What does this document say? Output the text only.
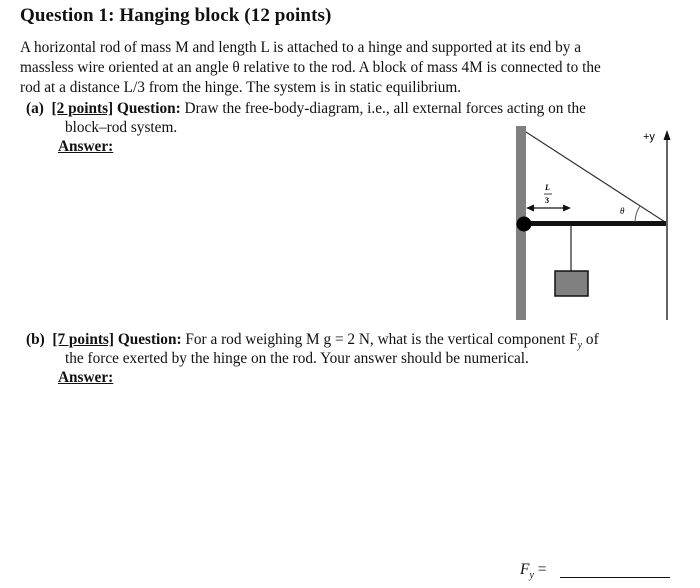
Question 1: Hanging block (12 points)
A horizontal rod of mass M and length L is attached to a hinge and supported at its end by a
massless wire oriented at an angle θ relative to the rod. A block of mass 4M is connected to the
rod at a distance L/3 from the hinge. The system is in static equilibrium.
(a) [2 points] Question: Draw the free-body-diagram, i.e., all external forces acting on the
block–rod system.
Answer:
+y
L
3
θ
(b) [7 points] Question: For a rod weighing M g = 2 N, what is the vertical component $F_y$ of
the force exerted by the hinge on the rod. Your answer should be numerical.
Answer:
$F_y$ =
